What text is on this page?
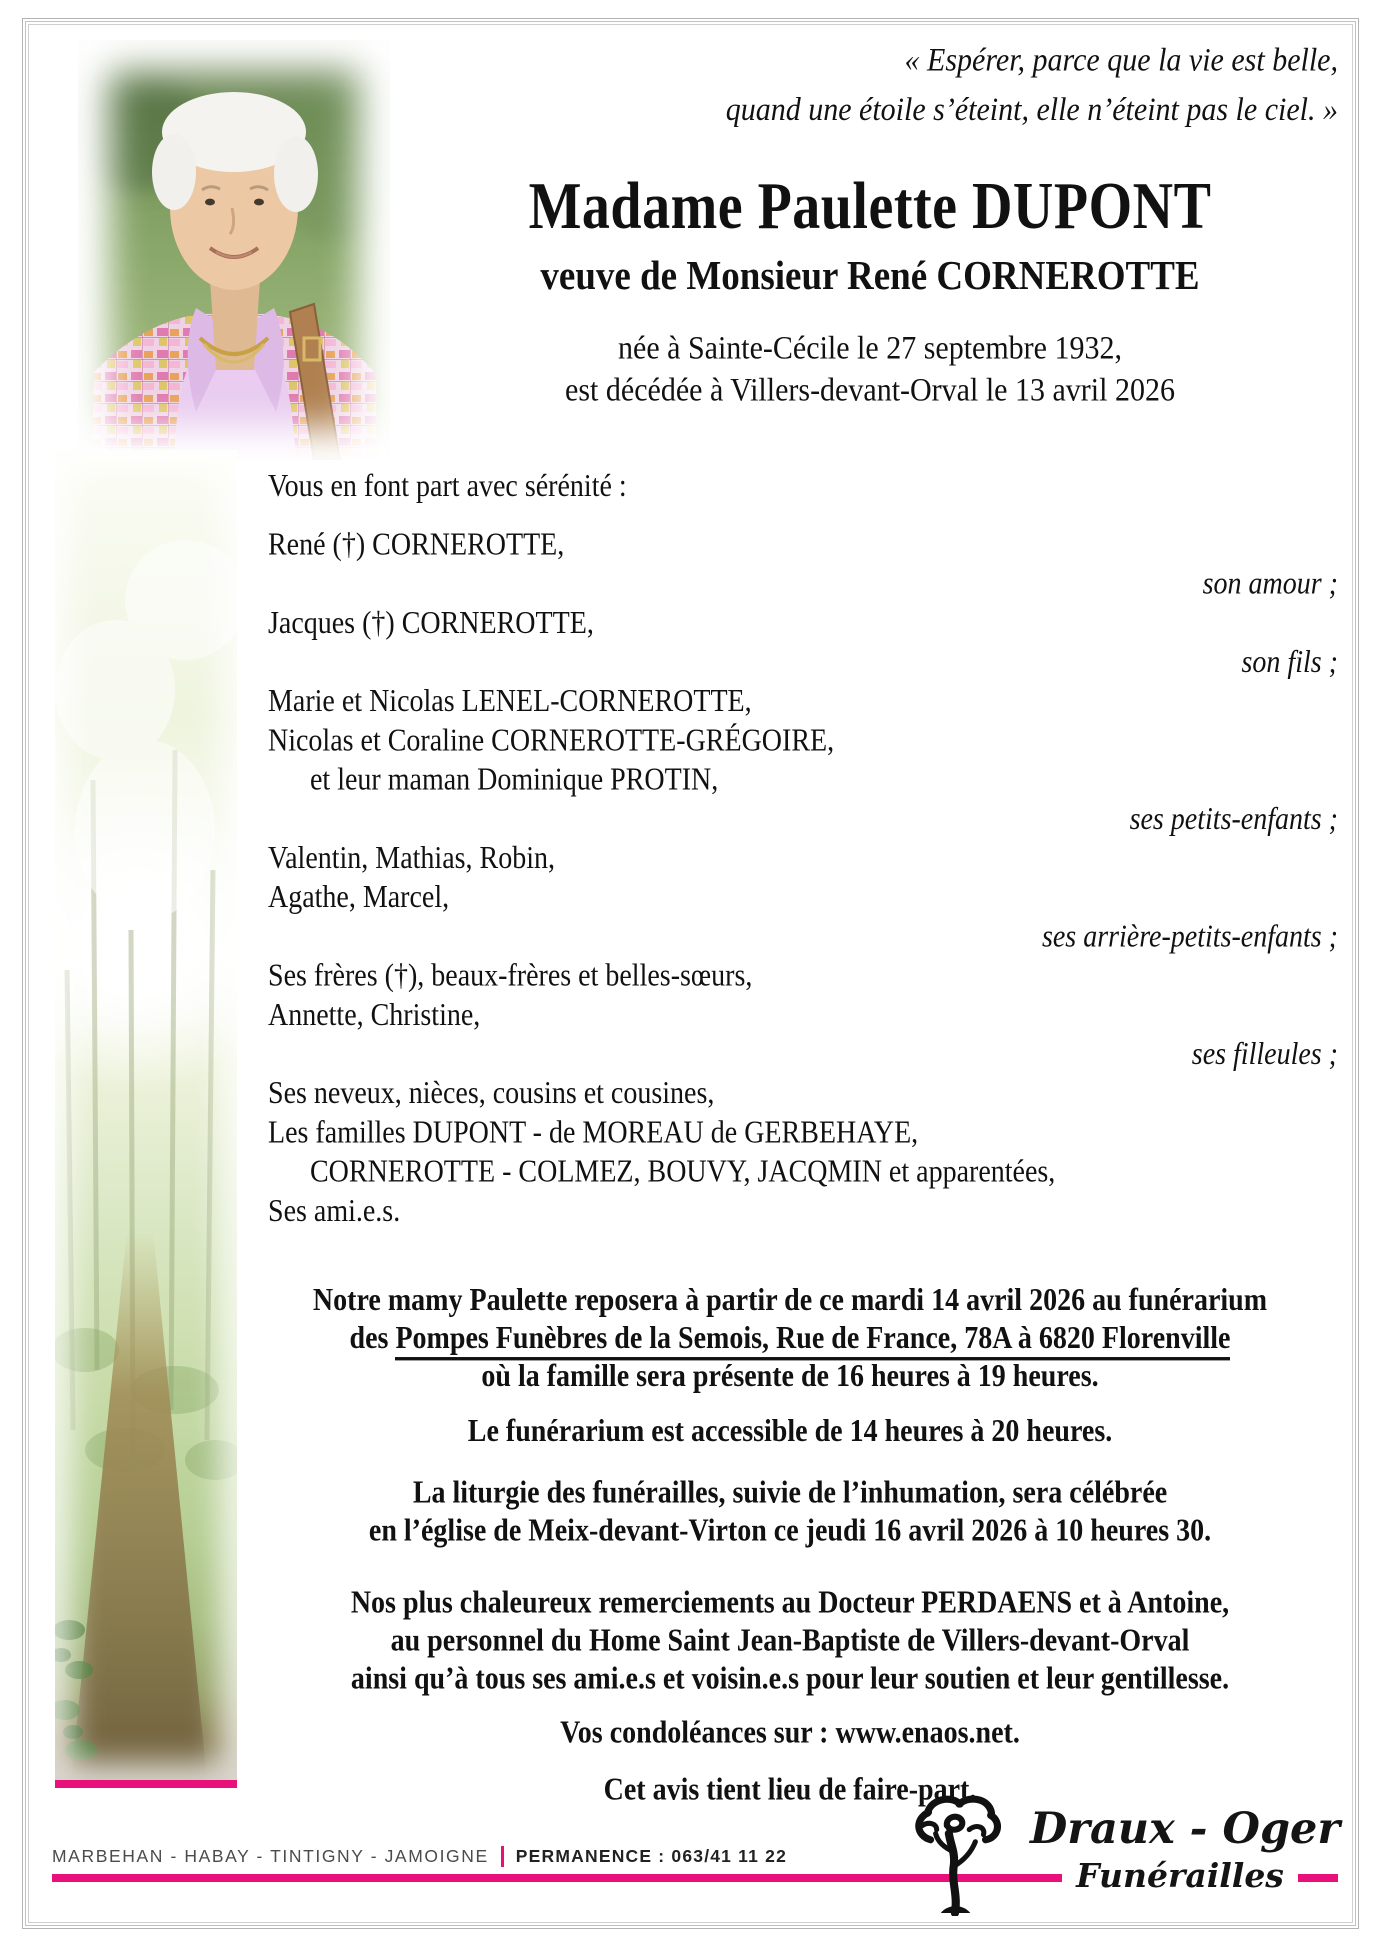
« Espérer, parce que la vie est belle,
quand une étoile s’éteint, elle n’éteint pas le ciel. »
Madame Paulette DUPONT
veuve de Monsieur René CORNEROTTE
née à Sainte-Cécile le 27 septembre 1932,
est décédée à Villers-devant-Orval le 13 avril 2026
Vous en font part avec sérénité :
René (†) CORNEROTTE,
son amour ;
Jacques (†) CORNEROTTE,
son fils ;
Marie et Nicolas LENEL-CORNEROTTE,
Nicolas et Coraline CORNEROTTE-GRÉGOIRE,
et leur maman Dominique PROTIN,
ses petits-enfants ;
Valentin, Mathias, Robin,
Agathe, Marcel,
ses arrière-petits-enfants ;
Ses frères (†), beaux-frères et belles-sœurs,
Annette, Christine,
ses filleules ;
Ses neveux, nièces, cousins et cousines,
Les familles DUPONT - de MOREAU de GERBEHAYE,
CORNEROTTE - COLMEZ, BOUVY, JACQMIN et apparentées,
Ses ami.e.s.
Notre mamy Paulette reposera à partir de ce mardi 14 avril 2026 au funérarium
des Pompes Funèbres de la Semois, Rue de France, 78A à 6820 Florenville
où la famille sera présente de 16 heures à 19 heures.
Le funérarium est accessible de 14 heures à 20 heures.
La liturgie des funérailles, suivie de l’inhumation, sera célébrée
en l’église de Meix-devant-Virton ce jeudi 16 avril 2026 à 10 heures 30.
Nos plus chaleureux remerciements au Docteur PERDAENS et à Antoine,
au personnel du Home Saint Jean-Baptiste de Villers-devant-Orval
ainsi qu’à tous ses ami.e.s et voisin.e.s pour leur soutien et leur gentillesse.
Vos condoléances sur : www.enaos.net.
Cet avis tient lieu de faire-part.
MARBEHAN - HABAY - TINTIGNY - JAMOIGNE PERMANENCE : 063/41 11 22
Draux - Oger
Funérailles
